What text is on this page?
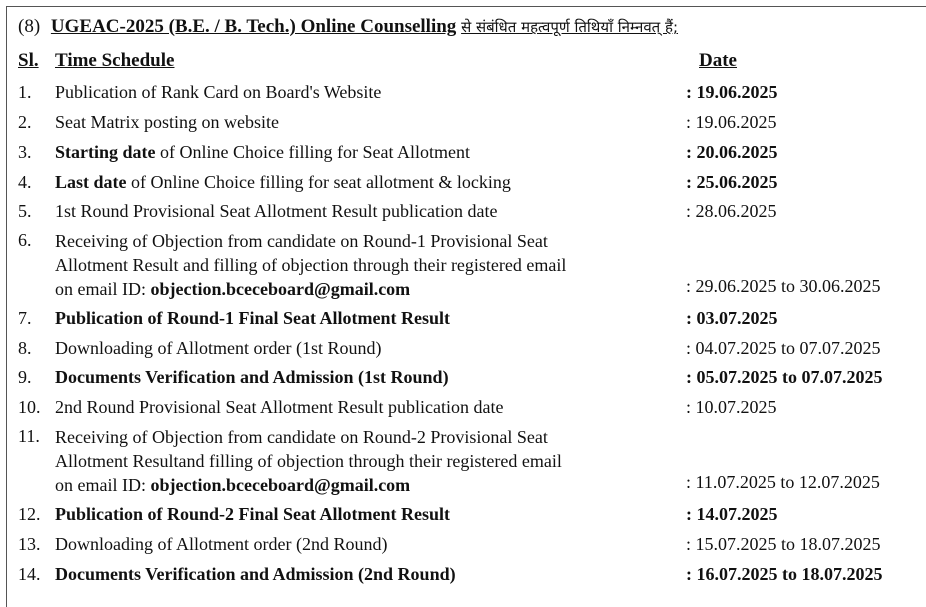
(8) UGEAC-2025 (B.E. / B. Tech.) Online Counselling से संबंधित महत्वपूर्ण तिथियाँ निम्नवत् हैं;
Sl. Time Schedule	Date
1. Publication of Rank Card on Board's Website	: 19.06.2025
2. Seat Matrix posting on website	: 19.06.2025
3. Starting date of Online Choice filling for Seat Allotment	: 20.06.2025
4. Last date of Online Choice filling for seat allotment & locking	: 25.06.2025
5. 1st Round Provisional Seat Allotment Result publication date	: 28.06.2025
6. Receiving of Objection from candidate on Round-1 Provisional Seat
Allotment Result and filling of objection through their registered email
on email ID: objection.bceceboard@gmail.com	: 29.06.2025 to 30.06.2025
7. Publication of Round-1 Final Seat Allotment Result	: 03.07.2025
8. Downloading of Allotment order (1st Round)	: 04.07.2025 to 07.07.2025
9. Documents Verification and Admission (1st Round)	: 05.07.2025 to 07.07.2025
10. 2nd Round Provisional Seat Allotment Result publication date	: 10.07.2025
11. Receiving of Objection from candidate on Round-2 Provisional Seat
Allotment Resultand filling of objection through their registered email
on email ID: objection.bceceboard@gmail.com	: 11.07.2025 to 12.07.2025
12. Publication of Round-2 Final Seat Allotment Result	: 14.07.2025
13. Downloading of Allotment order (2nd Round)	: 15.07.2025 to 18.07.2025
14. Documents Verification and Admission (2nd Round)	: 16.07.2025 to 18.07.2025
